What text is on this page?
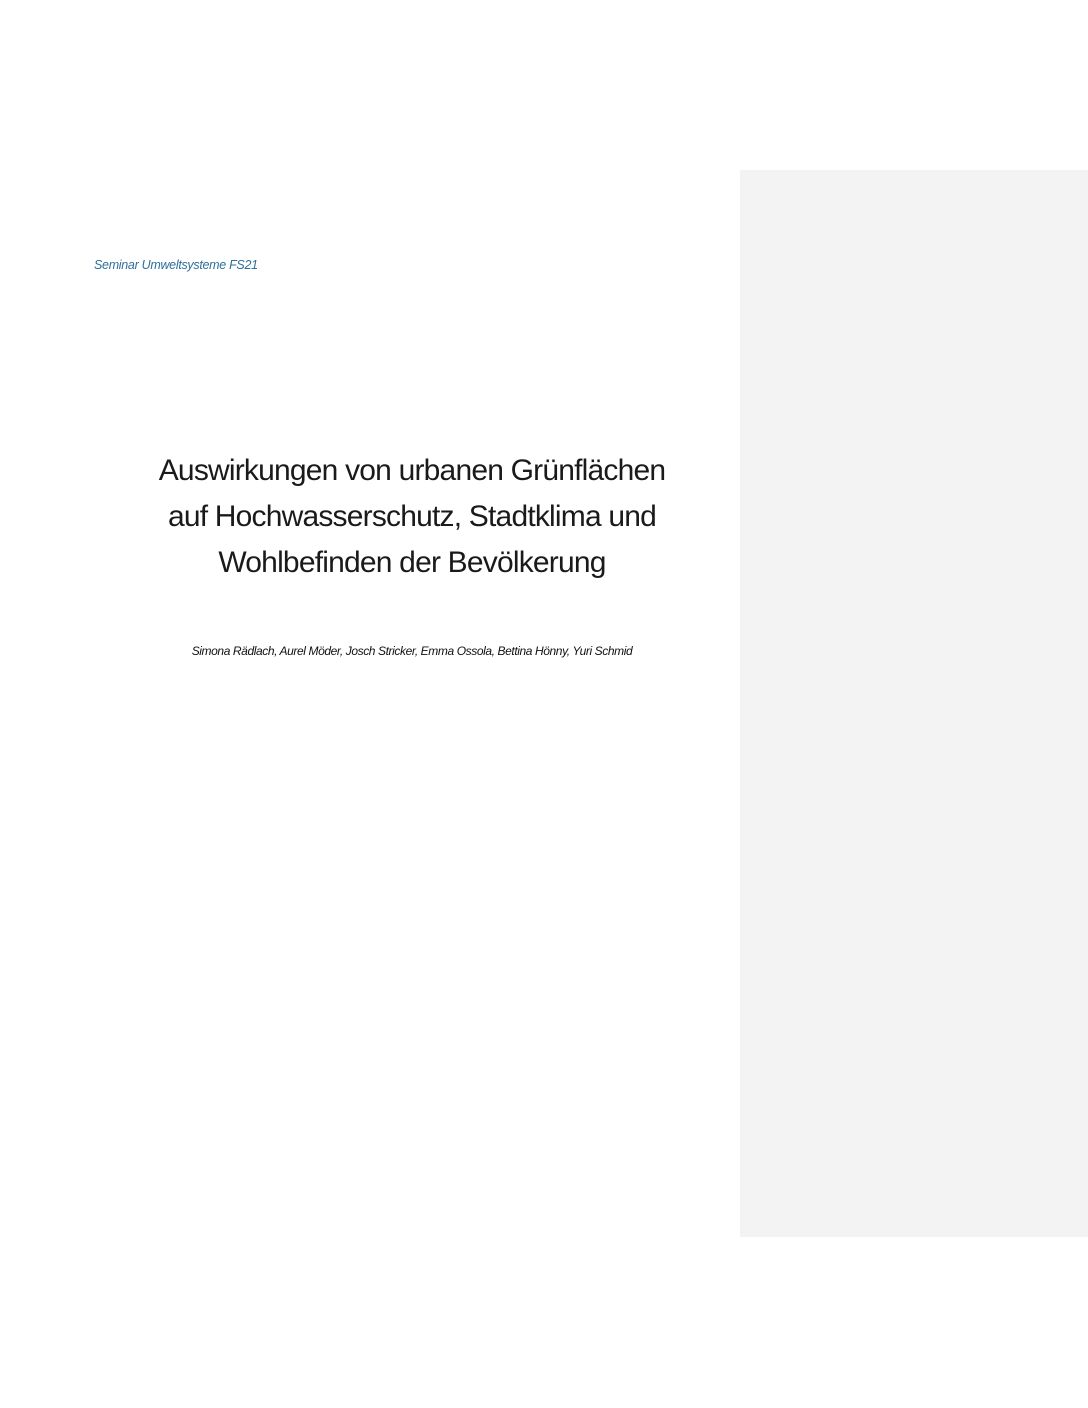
Seminar Umweltsysteme FS21
Auswirkungen von urbanen Grünflächen
auf Hochwasserschutz, Stadtklima und
Wohlbefinden der Bevölkerung
Simona Rädlach, Aurel Möder, Josch Stricker, Emma Ossola, Bettina Hönny, Yuri Schmid
